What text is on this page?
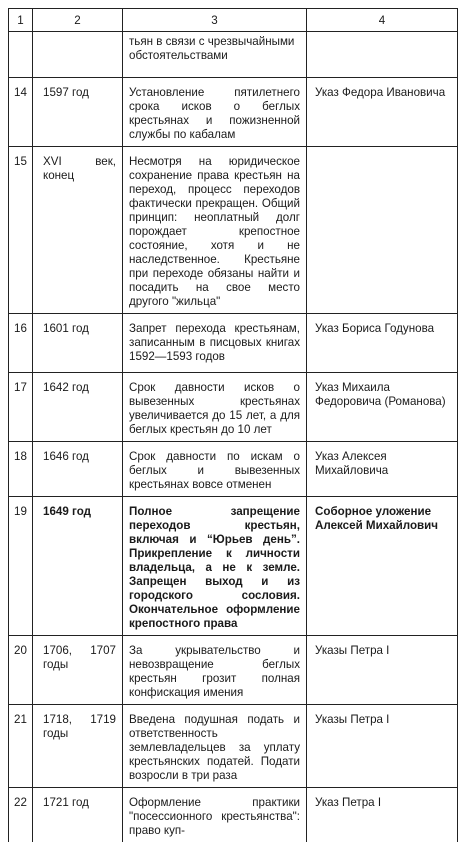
1	2	3	4
		тьян в связи с чрезвычайными
обстоятельствами	
14	1597 год	Установление пятилетнего срока исков о беглых крестьянах и пожизненной службы по кабалам	Указ Федора Ивановича
15	XVI век, конец	Несмотря на юридическое сохранение права крестьян на переход, процесс переходов фактически прекращен. Общий принцип: неоплатный долг порождает крепостное состояние, хотя и не наследственное. Крестьяне при переходе обязаны найти и посадить на свое место другого "жильца"	
16	1601 год	Запрет перехода крестьянам, записанным в писцовых книгах 1592—1593 годов	Указ Бориса Годунова
17	1642 год	Срок давности исков о вывезенных крестьянах увеличивается до 15 лет, а для беглых крестьян до 10 лет	Указ Михаила Федоровича (Романова)
18	1646 год	Срок давности по искам о беглых и вывезенных крестьянах вовсе отменен	Указ Алексея Михайловича
19	1649 год	Полное запрещение переходов крестьян, включая и “Юрьев день”. Прикрепление к личности владельца, а не к земле. Запрещен выход и из городского сословия. Окончательное оформление крепостного права	Соборное уложение Алексей Михайлович
20	1706, 1707 годы	За укрывательство и невозвращение беглых крестьян грозит полная конфискация имения	Указы Петра I
21	1718, 1719 годы	Введена подушная подать и ответственность землевладельцев за уплату крестьянских податей. Подати возросли в три раза	Указы Петра I
22	1721 год	Оформление практики "посессионного крестьянства": право куп-	Указ Петра I
